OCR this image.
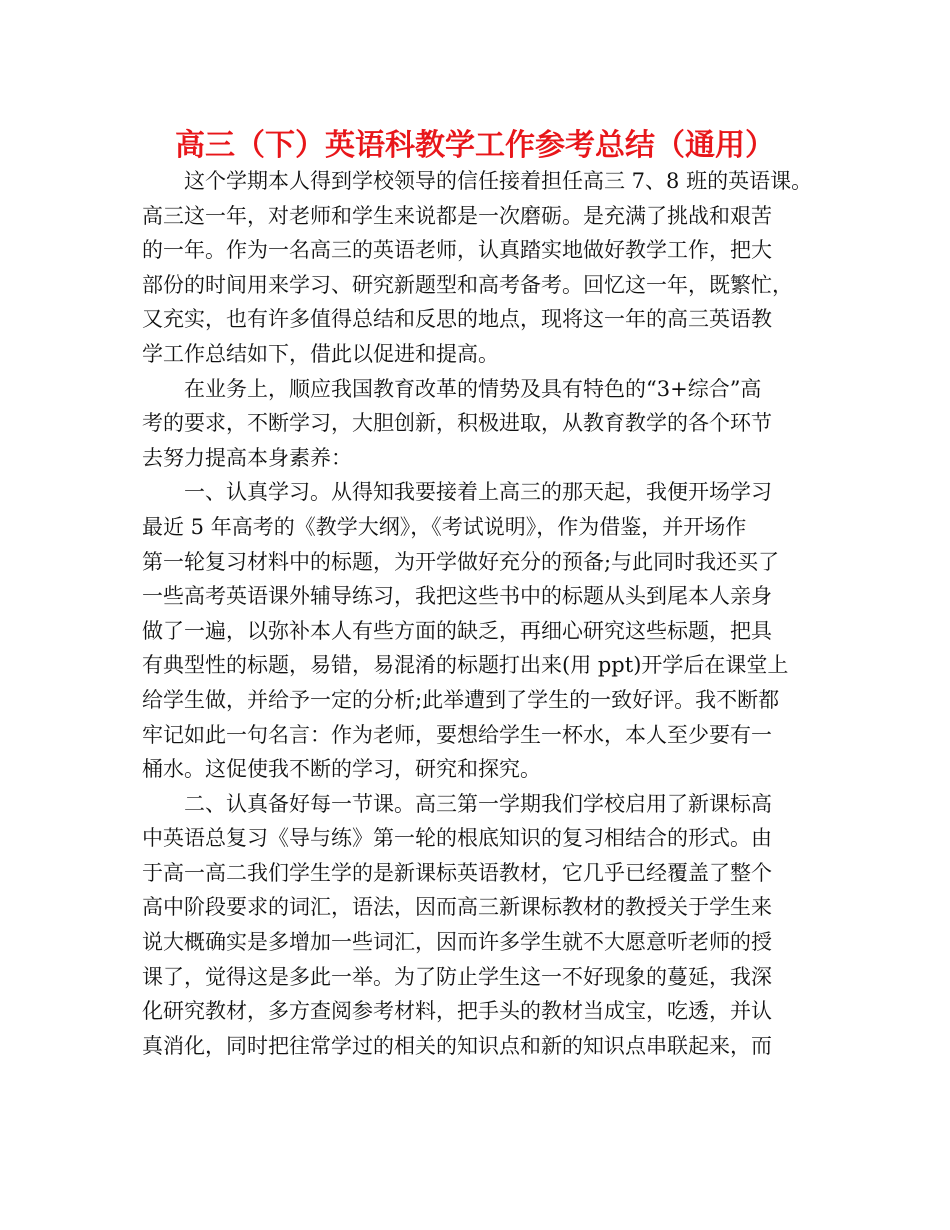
高三（下）英语科教学工作参考总结（通用）

这个学期本人得到学校领导的信任接着担任高三 7、8 班的英语课。
高三这一年，对老师和学生来说都是一次磨砺。是充满了挑战和艰苦
的一年。作为一名高三的英语老师，认真踏实地做好教学工作，把大
部份的时间用来学习、研究新题型和高考备考。回忆这一年，既繁忙，
又充实，也有许多值得总结和反思的地点，现将这一年的高三英语教
学工作总结如下，借此以促进和提高。

在业务上，顺应我国教育改革的情势及具有特色的“3+综合”高
考的要求，不断学习，大胆创新，积极进取，从教育教学的各个环节
去努力提高本身素养：

一、认真学习。从得知我要接着上高三的那天起，我便开场学习
最近 5 年高考的《教学大纲》，《考试说明》，作为借鉴，并开场作
第一轮复习材料中的标题，为开学做好充分的预备;与此同时我还买了
一些高考英语课外辅导练习，我把这些书中的标题从头到尾本人亲身
做了一遍，以弥补本人有些方面的缺乏，再细心研究这些标题，把具
有典型性的标题，易错，易混淆的标题打出来(用 ppt)开学后在课堂上
给学生做，并给予一定的分析;此举遭到了学生的一致好评。我不断都
牢记如此一句名言：作为老师，要想给学生一杯水，本人至少要有一
桶水。这促使我不断的学习，研究和探究。

二、认真备好每一节课。高三第一学期我们学校启用了新课标高
中英语总复习《导与练》第一轮的根底知识的复习相结合的形式。由
于高一高二我们学生学的是新课标英语教材，它几乎已经覆盖了整个
高中阶段要求的词汇，语法，因而高三新课标教材的教授关于学生来
说大概确实是多增加一些词汇，因而许多学生就不大愿意听老师的授
课了，觉得这是多此一举。为了防止学生这一不好现象的蔓延，我深
化研究教材，多方查阅参考材料，把手头的教材当成宝，吃透，并认
真消化，同时把往常学过的相关的知识点和新的知识点串联起来，而
